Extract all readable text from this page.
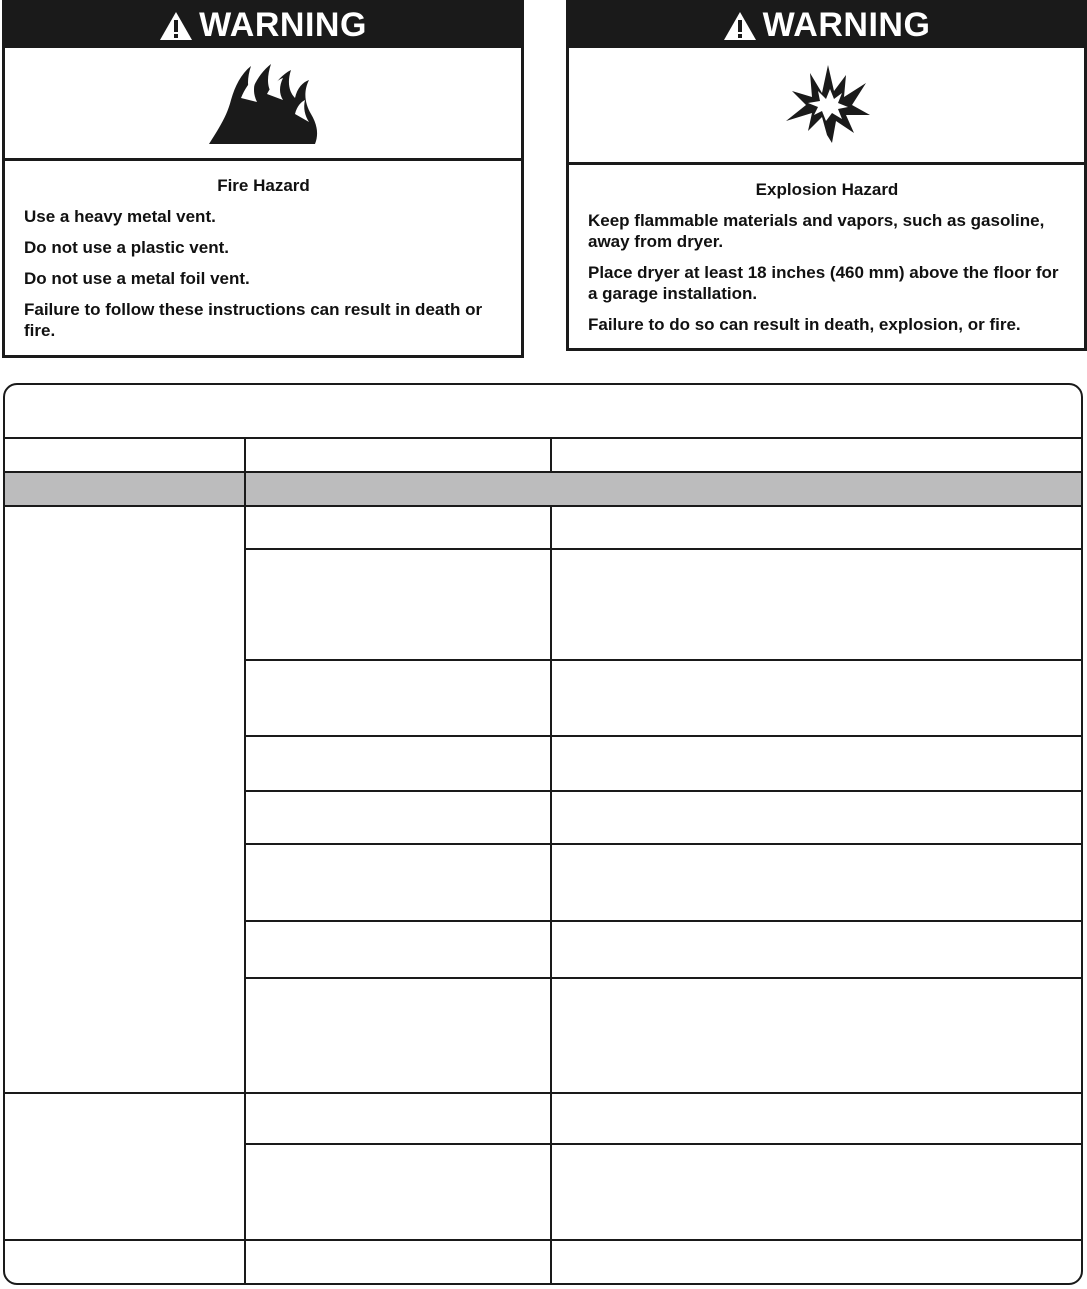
WARNING
Fire Hazard
Use a heavy metal vent.
Do not use a plastic vent.
Do not use a metal foil vent.
Failure to follow these instructions can result in death or fire.
WARNING
Explosion Hazard
Keep flammable materials and vapors, such as gasoline, away from dryer.
Place dryer at least 18 inches (460 mm) above the floor for a garage installation.
Failure to do so can result in death, explosion, or fire.
